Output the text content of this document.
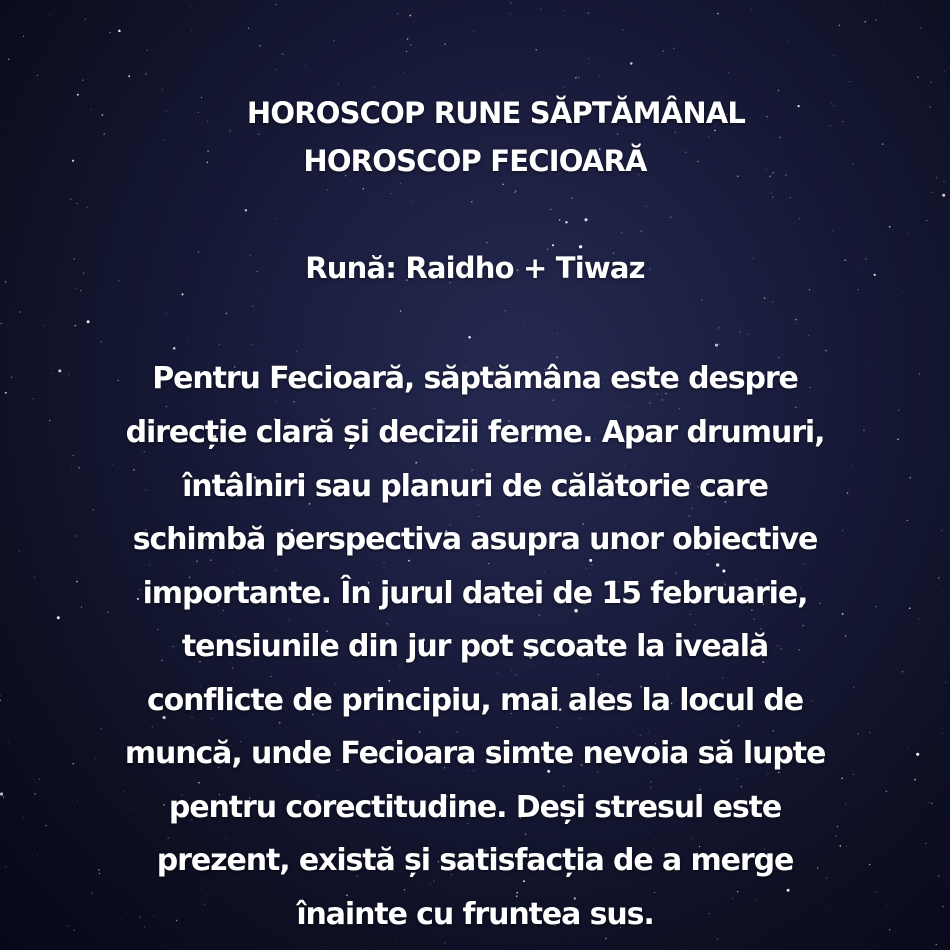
HOROSCOP RUNE SĂPTĂMÂNAL
HOROSCOP FECIOARĂ
Rună: Raidho + Tiwaz
Pentru Fecioară, săptămâna este despre
direcție clară și decizii ferme. Apar drumuri,
întâlniri sau planuri de călătorie care
schimbă perspectiva asupra unor obiective
importante. În jurul datei de 15 februarie,
tensiunile din jur pot scoate la iveală
conflicte de principiu, mai ales la locul de
muncă, unde Fecioara simte nevoia să lupte
pentru corectitudine. Deși stresul este
prezent, există și satisfacția de a merge
înainte cu fruntea sus.
